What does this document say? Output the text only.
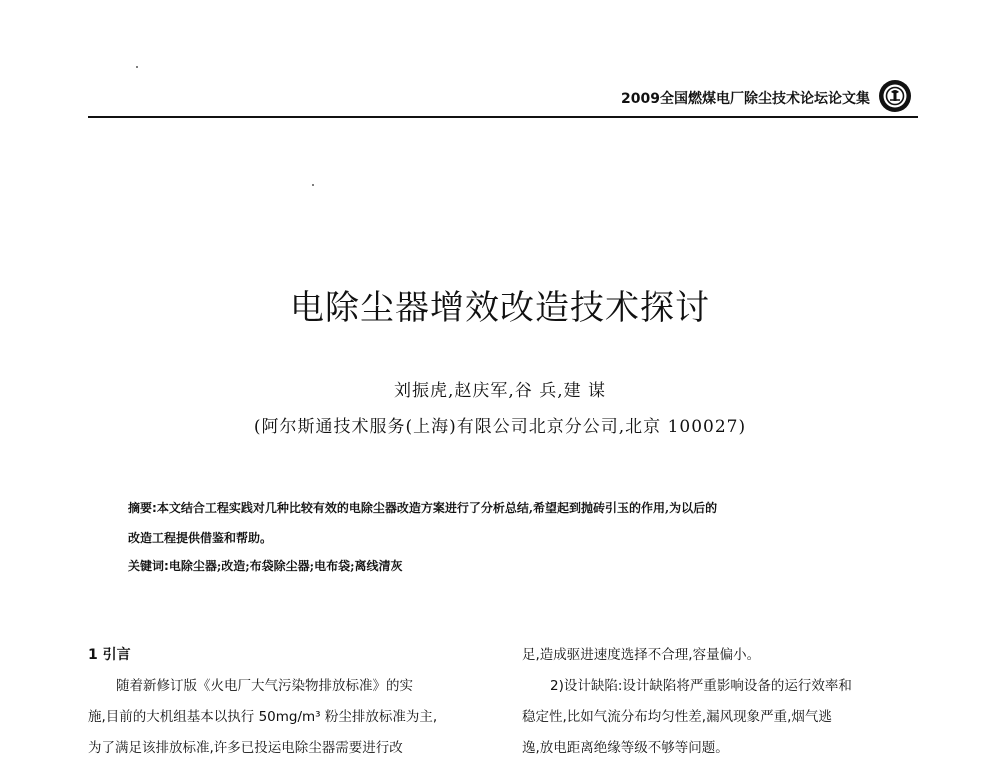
2009全国燃煤电厂除尘技术论坛论文集
电除尘器增效改造技术探讨
刘振虎,赵庆军,谷 兵,建 谋
(阿尔斯通技术服务(上海)有限公司北京分公司,北京 100027)
摘要:本文结合工程实践对几种比较有效的电除尘器改造方案进行了分析总结,希望起到抛砖引玉的作用,为以后的
改造工程提供借鉴和帮助。
关键词:电除尘器;改造;布袋除尘器;电布袋;离线清灰
1 引言
随着新修订版《火电厂大气污染物排放标准》的实
施,目前的大机组基本以执行 50mg/m³ 粉尘排放标准为主,
为了满足该排放标准,许多已投运电除尘器需要进行改
足,造成驱进速度选择不合理,容量偏小。
2)设计缺陷:设计缺陷将严重影响设备的运行效率和
稳定性,比如气流分布均匀性差,漏风现象严重,烟气逃
逸,放电距离绝缘等级不够等问题。
